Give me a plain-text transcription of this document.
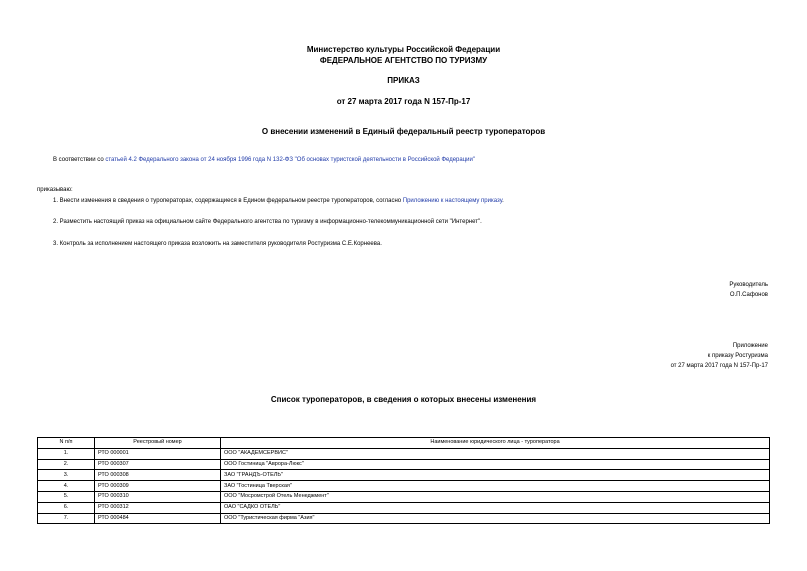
Министерство культуры Российской Федерации
ФЕДЕРАЛЬНОЕ АГЕНТСТВО ПО ТУРИЗМУ
ПРИКАЗ
от 27 марта 2017 года N 157-Пр-17
О внесении изменений в Единый федеральный реестр туроператоров
В соответствии со статьей 4.2 Федерального закона от 24 ноября 1996 года N 132-ФЗ "Об основах туристской деятельности в Российской Федерации"
приказываю:
1. Внести изменения в сведения о туроператорах, содержащиеся в Едином федеральном реестре туроператоров, согласно Приложению к настоящему приказу.
2. Разместить настоящий приказ на официальном сайте Федерального агентства по туризму в информационно-телекоммуникационной сети "Интернет".
3. Контроль за исполнением настоящего приказа возложить на заместителя руководителя Ростуризма С.Е.Корнеева.
Руководитель
О.П.Сафонов
Приложение
к приказу Ростуризма
от 27 марта 2017 года N 157-Пр-17
Список туроператоров, в сведения о которых внесены изменения
N п/п	Реестровый номер	Наименование юридического лица - туроператора
1.	РТО 000001	ООО "АКАДЕМСЕРВИС"
2.	РТО 000307	ООО Гостиница "Аврора-Люкс"
3.	РТО 000308	ЗАО "ГРАНДЪ-ОТЕЛЬ"
4.	РТО 000309	ЗАО "Гостиница Тверская"
5.	РТО 000310	ООО "Мосромстрой Отель Менеджмент"
6.	РТО 000312	ОАО "САДКО ОТЕЛЬ"
7.	РТО 000484	ООО "Туристическая фирма "Азия"
